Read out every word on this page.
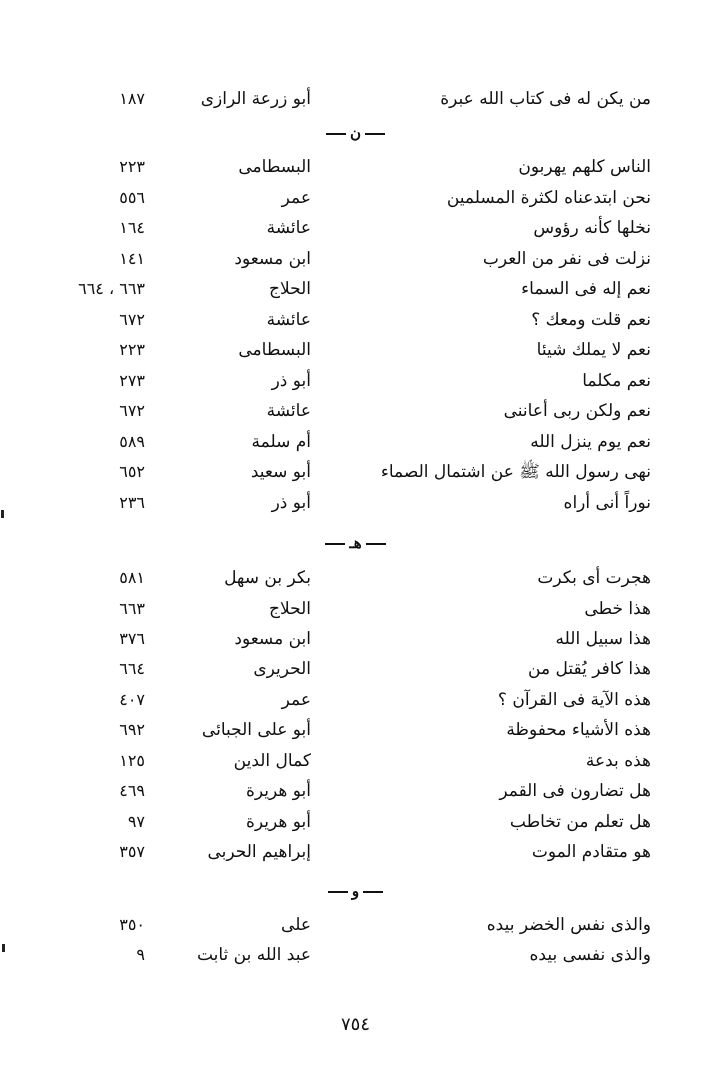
من يكن له فى كتاب الله عبرة
أبو زرعة الرازى
١٨٧
ن
الناس كلهم يهربون
البسطامى
٢٢٣
نحن ابتدعناه لكثرة المسلمين
عمر
٥٥٦
نخلها كأنه رؤوس
عائشة
١٦٤
نزلت فى نفر من العرب
ابن مسعود
١٤١
نعم إله فى السماء
الحلاج
٦٦٣ ، ٦٦٤
نعم قلت ومعك ؟
عائشة
٦٧٢
نعم لا يملك شيئا
البسطامى
٢٢٣
نعم مكلما
أبو ذر
٢٧٣
نعم ولكن ربى أعاننى
عائشة
٦٧٢
نعم يوم ينزل الله
أم سلمة
٥٨٩
نهى رسول الله ﷺ عن اشتمال الصماء
أبو سعيد
٦٥٢
نوراً أنى أراه
أبو ذر
٢٣٦
هـ
هجرت أى بكرت
بكر بن سهل
٥٨١
هذا خطى
الحلاج
٦٦٣
هذا سبيل الله
ابن مسعود
٣٧٦
هذا كافر يُقتل من
الحريرى
٦٦٤
هذه الآية فى القرآن ؟
عمر
٤٠٧
هذه الأشياء محفوظة
أبو على الجبائى
٦٩٢
هذه بدعة
كمال الدين
١٢٥
هل تضارون فى القمر
أبو هريرة
٤٦٩
هل تعلم من تخاطب
أبو هريرة
٩٧
هو متقادم الموت
إبراهيم الحربى
٣٥٧
و
والذى نفس الخضر بيده
على
٣٥٠
والذى نفسى بيده
عبد الله بن ثابت
٩
٧٥٤
